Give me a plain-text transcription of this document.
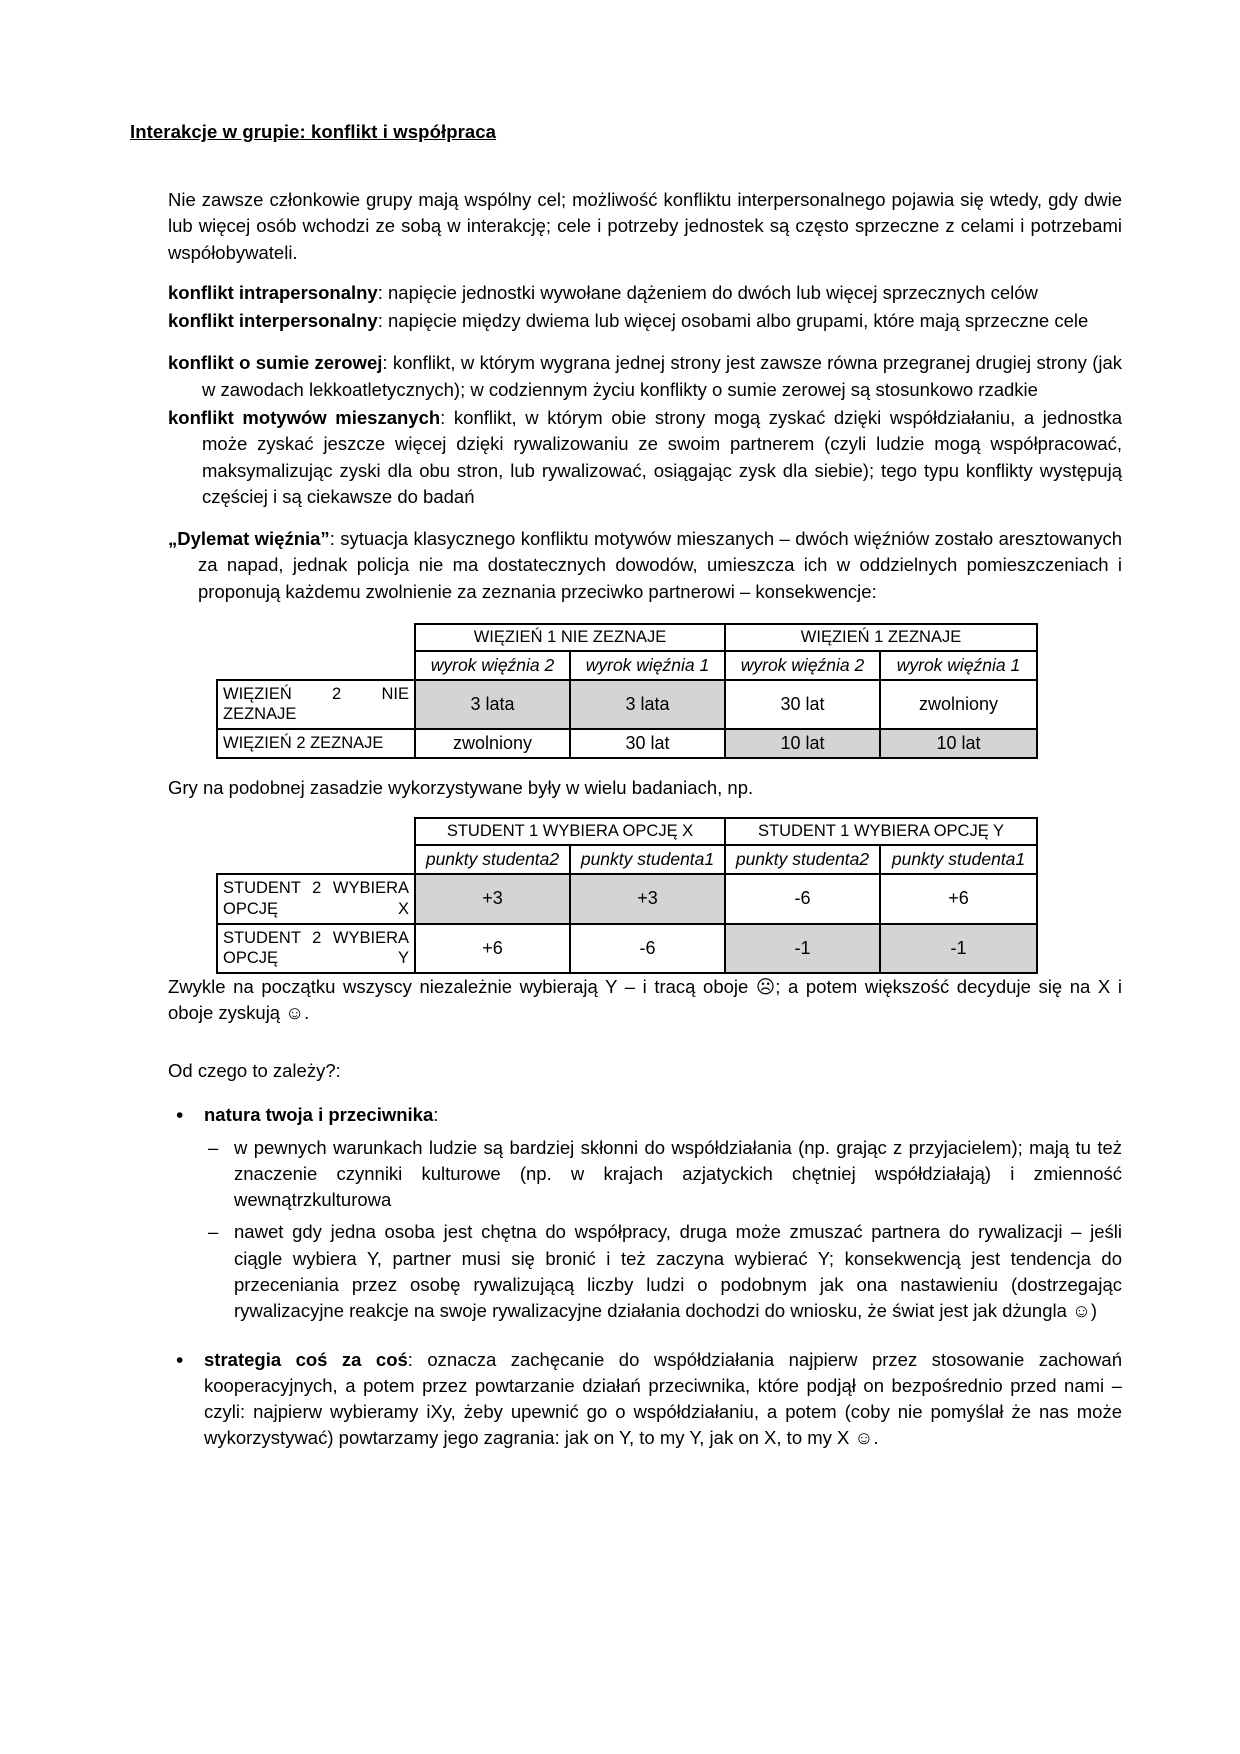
Interakcje w grupie: konflikt i współpraca

Nie zawsze członkowie grupy mają wspólny cel; możliwość konfliktu interpersonalnego pojawia się wtedy, gdy dwie lub więcej osób wchodzi ze sobą w interakcję; cele i potrzeby jednostek są często sprzeczne z celami i potrzebami współobywateli.

konflikt intrapersonalny: napięcie jednostki wywołane dążeniem do dwóch lub więcej sprzecznych celów

konflikt interpersonalny: napięcie między dwiema lub więcej osobami albo grupami, które mają sprzeczne cele

konflikt o sumie zerowej: konflikt, w którym wygrana jednej strony jest zawsze równa przegranej drugiej strony (jak w zawodach lekkoatletycznych); w codziennym życiu konflikty o sumie zerowej są stosunkowo rzadkie

konflikt motywów mieszanych: konflikt, w którym obie strony mogą zyskać dzięki współdziałaniu, a jednostka może zyskać jeszcze więcej dzięki rywalizowaniu ze swoim partnerem (czyli ludzie mogą współpracować, maksymalizując zyski dla obu stron, lub rywalizować, osiągając zysk dla siebie); tego typu konflikty występują częściej i są ciekawsze do badań

„Dylemat więźnia”: sytuacja klasycznego konfliktu motywów mieszanych – dwóch więźniów zostało aresztowanych za napad, jednak policja nie ma dostatecznych dowodów, umieszcza ich w oddzielnych pomieszczeniach i proponują każdemu zwolnienie za zeznania przeciwko partnerowi – konsekwencje:

	WIĘZIEŃ 1 NIE ZEZNAJE		WIĘZIEŃ 1 ZEZNAJE	
	wyrok więźnia 2	wyrok więźnia 1	wyrok więźnia 2	wyrok więźnia 1
WIĘZIEŃ 2 NIE ZEZNAJE	3 lata	3 lata	30 lat	zwolniony
WIĘZIEŃ 2 ZEZNAJE	zwolniony	30 lat	10 lat	10 lat

Gry na podobnej zasadzie wykorzystywane były w wielu badaniach, np.

	STUDENT 1 WYBIERA OPCJĘ X		STUDENT 1 WYBIERA OPCJĘ Y	
	punkty studenta2	punkty studenta1	punkty studenta2	punkty studenta1
STUDENT 2 WYBIERA OPCJĘ X	+3	+3	-6	+6
STUDENT 2 WYBIERA OPCJĘ Y	+6	-6	-1	-1

Zwykle na początku wszyscy niezależnie wybierają Y – i tracą oboje ☹; a potem większość decyduje się na X i oboje zyskują ☺.

Od czego to zależy?:

• natura twoja i przeciwnika:
– w pewnych warunkach ludzie są bardziej skłonni do współdziałania (np. grając z przyjacielem); mają tu też znaczenie czynniki kulturowe (np. w krajach azjatyckich chętniej współdziałają) i zmienność wewnątrzkulturowa
– nawet gdy jedna osoba jest chętna do współpracy, druga może zmuszać partnera do rywalizacji – jeśli ciągle wybiera Y, partner musi się bronić i też zaczyna wybierać Y; konsekwencją jest tendencja do przeceniania przez osobę rywalizującą liczby ludzi o podobnym jak ona nastawieniu (dostrzegając rywalizacyjne reakcje na swoje rywalizacyjne działania dochodzi do wniosku, że świat jest jak dżungla ☺)
• strategia coś za coś: oznacza zachęcanie do współdziałania najpierw przez stosowanie zachowań kooperacyjnych, a potem przez powtarzanie działań przeciwnika, które podjął on bezpośrednio przed nami – czyli: najpierw wybieramy iXy, żeby upewnić go o współdziałaniu, a potem (coby nie pomyślał że nas może wykorzystywać) powtarzamy jego zagrania: jak on Y, to my Y, jak on X, to my X ☺.
